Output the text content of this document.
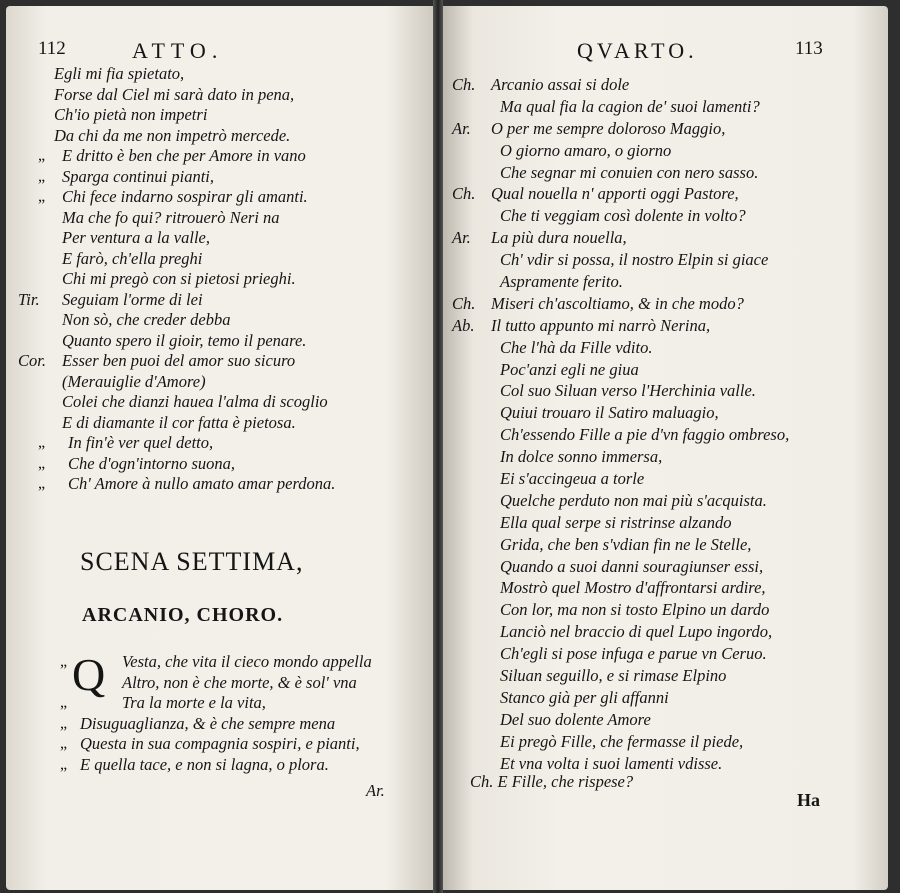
112	ATTO.	QVARTO.	113
Egli mi fia spietato,
Forse dal Ciel mi sarà dato in pena,
Ch'io pietà non impetri
Da chi da me non impetrò mercede.
„ E dritto è ben che per Amore in vano
„ Sparga continui pianti,
„ Chi fece indarno sospirar gli amanti.
Ma che fo qui? ritrouerò Neri na
Per ventura a la valle,
E farò, ch'ella preghi
Chi mi pregò con si pietosi prieghi.
Tir. Seguiam l'orme di lei
Non sò, che creder debba
Quanto spero il gioir, temo il penare.
Cor. Esser ben puoi del amor suo sicuro
(Merauiglie d'Amore)
Colei che dianzi hauea l'alma di scoglio
E di diamante il cor fatta è pietosa.
„ In fin'è ver quel detto,
„ Che d'ogn'intorno suona,
„ Ch' Amore à nullo amato amar perdona.
SCENA SETTIMA,
ARCANIO, CHORO.
Q
„	Vesta, che vita il cieco mondo appella
Altro, non è che morte, & è sol' vna
„	Tra la morte e la vita,
„ Disuguaglianza, & è che sempre mena
„ Questa in sua compagnia sospiri, e pianti,
„ E quella tace, e non si lagna, o plora.
Ar.
Ch. Arcanio assai si dole
Ma qual fia la cagion de' suoi lamenti?
Ar. O per me sempre doloroso Maggio,
O giorno amaro, o giorno
Che segnar mi conuien con nero sasso.
Ch. Qual nouella n' apporti oggi Pastore,
Che ti veggiam così dolente in volto?
Ar. La più dura nouella,
Ch' vdir si possa, il nostro Elpin si giace
Aspramente ferito.
Ch. Miseri ch'ascoltiamo, & in che modo?
Ab. Il tutto appunto mi narrò Nerina,
Che l'hà da Fille vdito.
Poc'anzi egli ne giua
Col suo Siluan verso l'Herchinia valle.
Quiui trouaro il Satiro maluagio,
Ch'essendo Fille a pie d'vn faggio ombreso,
In dolce sonno immersa,
Ei s'accingeua a torle
Quelche perduto non mai più s'acquista.
Ella qual serpe si ristrinse alzando
Grida, che ben s'vdian fin ne le Stelle,
Quando a suoi danni souragiunser essi,
Mostrò quel Mostro d'affrontarsi ardire,
Con lor, ma non si tosto Elpino un dardo
Lanciò nel braccio di quel Lupo ingordo,
Ch'egli si pose infuga e parue vn Ceruo.
Siluan seguillo, e si rimase Elpino
Stanco già per gli affanni
Del suo dolente Amore
Ei pregò Fille, che fermasse il piede,
Et vna volta i suoi lamenti vdisse.
Ch. E Fille, che rispese?
Ha
